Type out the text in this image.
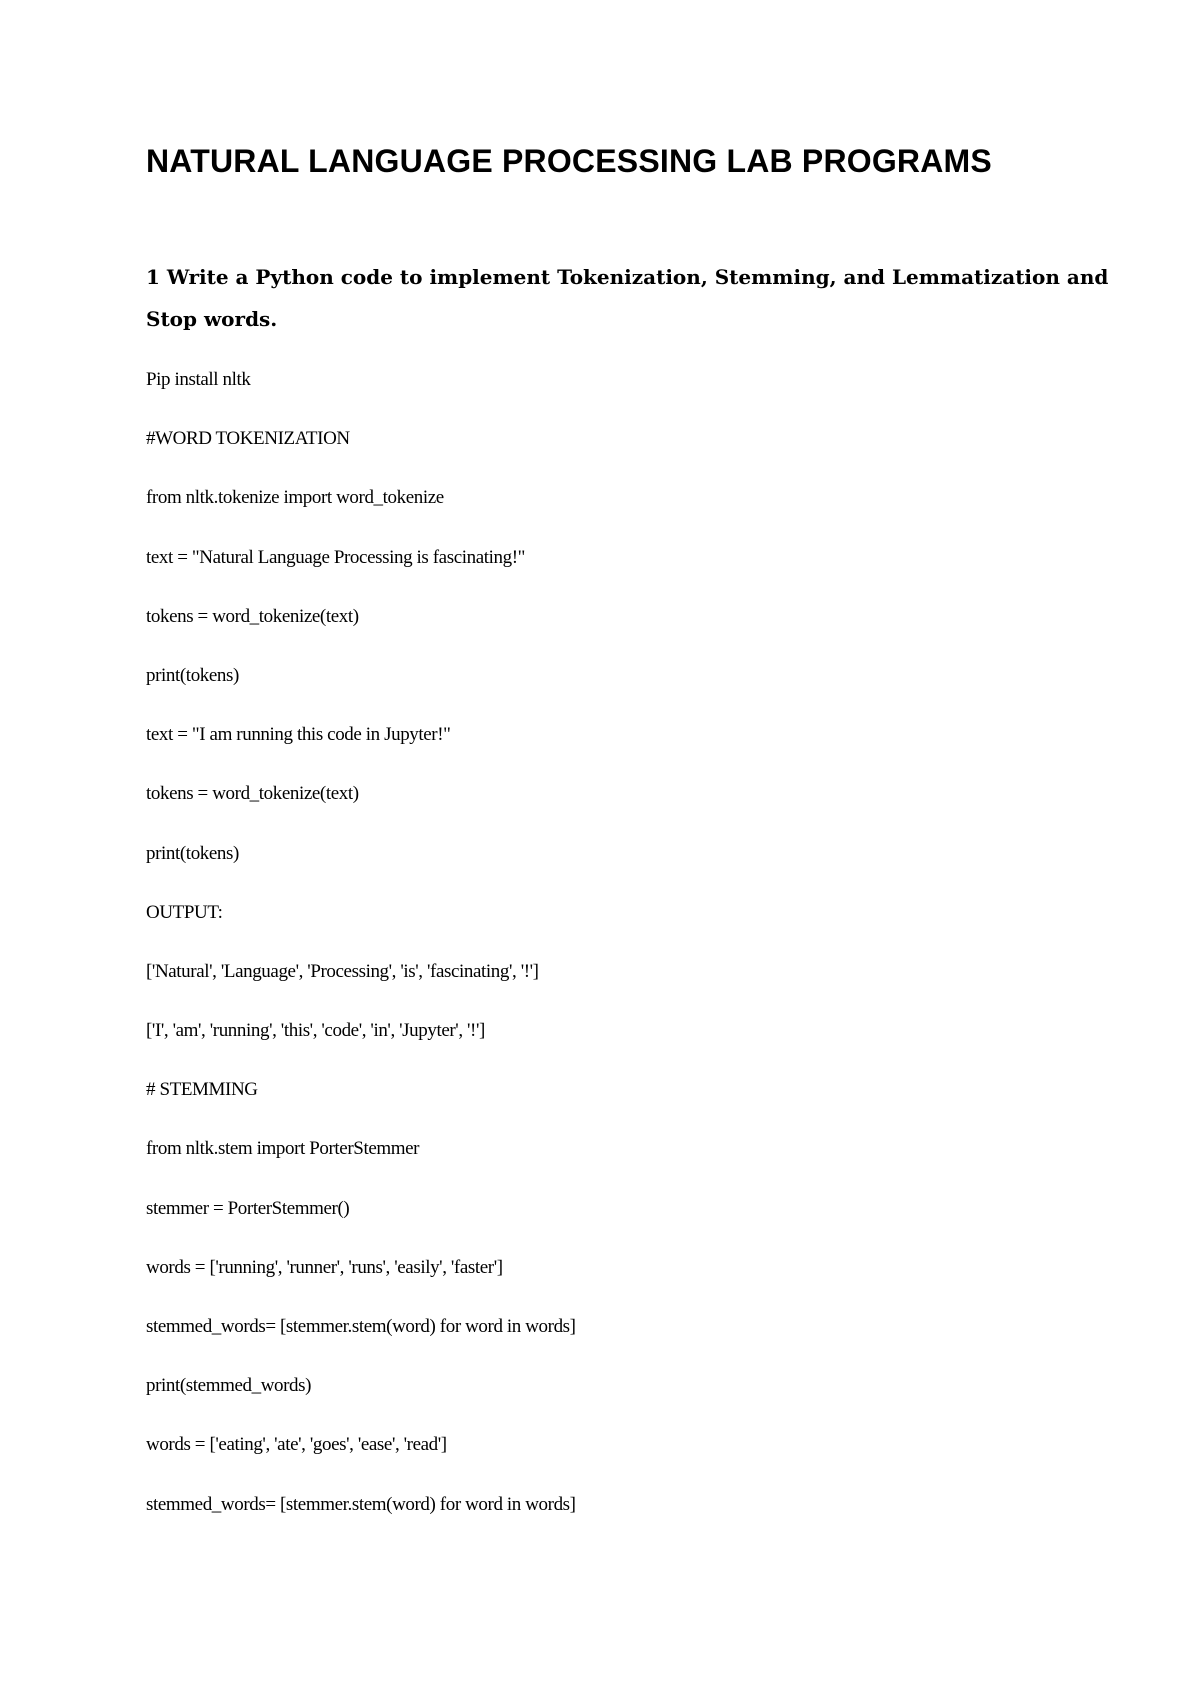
NATURAL LANGUAGE PROCESSING LAB PROGRAMS

1 Write a Python code to implement Tokenization, Stemming, and Lemmatization and
Stop words.

Pip install nltk
#WORD TOKENIZATION
from nltk.tokenize import word_tokenize
text = "Natural Language Processing is fascinating!"
tokens = word_tokenize(text)
print(tokens)
text = "I am running this code in Jupyter!"
tokens = word_tokenize(text)
print(tokens)
OUTPUT:
['Natural', 'Language', 'Processing', 'is', 'fascinating', '!']
['I', 'am', 'running', 'this', 'code', 'in', 'Jupyter', '!']
# STEMMING
from nltk.stem import PorterStemmer
stemmer = PorterStemmer()
words = ['running', 'runner', 'runs', 'easily', 'faster']
stemmed_words= [stemmer.stem(word) for word in words]
print(stemmed_words)
words = ['eating', 'ate', 'goes', 'ease', 'read']
stemmed_words= [stemmer.stem(word) for word in words]
